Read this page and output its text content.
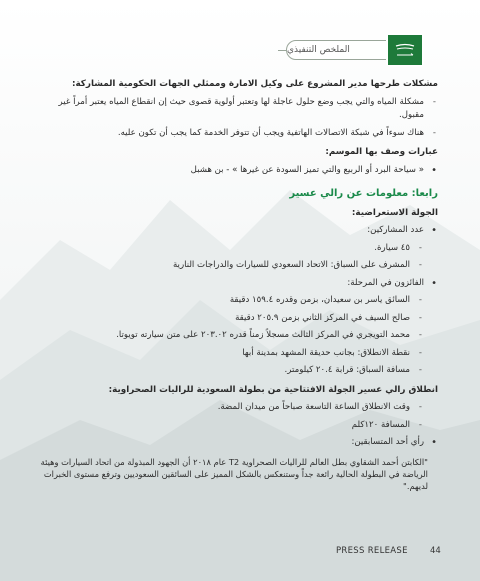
الملخص التنفيذي

مشكلات طرحها مدير المشروع على وكيل الامارة وممثلي الجهات الحكومية المشاركة:

- مشكلة المياه والتي يجب وضع حلول عاجلة لها وتعتبر أولوية قصوى حيث إن انقطاع المياه يعتبر أمراً غير مقبول.

- هناك سوءاً في شبكة الاتصالات الهاتفية ويجب أن تتوفر الخدمة كما يجب أن تكون عليه.

عبارات وصف بها الموسم:

• « سياحة البرد أو الربيع والتي تميز السودة عن غيرها » - بن هشبل

رابعا: معلومات عن رالي عسير

الجولة الاستعراضية:

• عدد المشاركين:

- ٤٥ سيارة.

- المشرف على السباق: الاتحاد السعودي للسيارات والدراجات النارية

• الفائزون في المرحلة:

- السائق ياسر بن سعيدان، بزمن وقدره ١٥٩.٤ دقيقة

- صالح السيف في المركز الثاني بزمن ٢٠٥.٩ دقيقة

- محمد التويجري في المركز الثالث مسجلاً زمناً قدره ٢٠٣.٠٢ على متن سيارته تويوتا.

- نقطة الانطلاق: بجانب حديقة المشهد بمدينة أبها

- مسافة السباق: قرابة ٢٠.٤ كيلومتر.

انطلاق رالي عسير الجولة الافتتاحية من بطولة السعودية للراليات الصحراوية:

- وقت الانطلاق الساعة التاسعة صباحاً من ميدان المضة.

- المسافة ١٢٠كلم

• رأي أحد المتسابقين:

"الكابتن أحمد الشقاوي بطل العالم للراليات الصحراوية T2 عام ٢٠١٨ أن الجهود المبذولة من اتحاد السيارات وهيئة الرياضة في البطولة الحالية رائعة جداً وستنعكس بالشكل المميز على السائقين السعوديين وترفع مستوى الخبرات لديهم."

PRESS RELEASE	44
